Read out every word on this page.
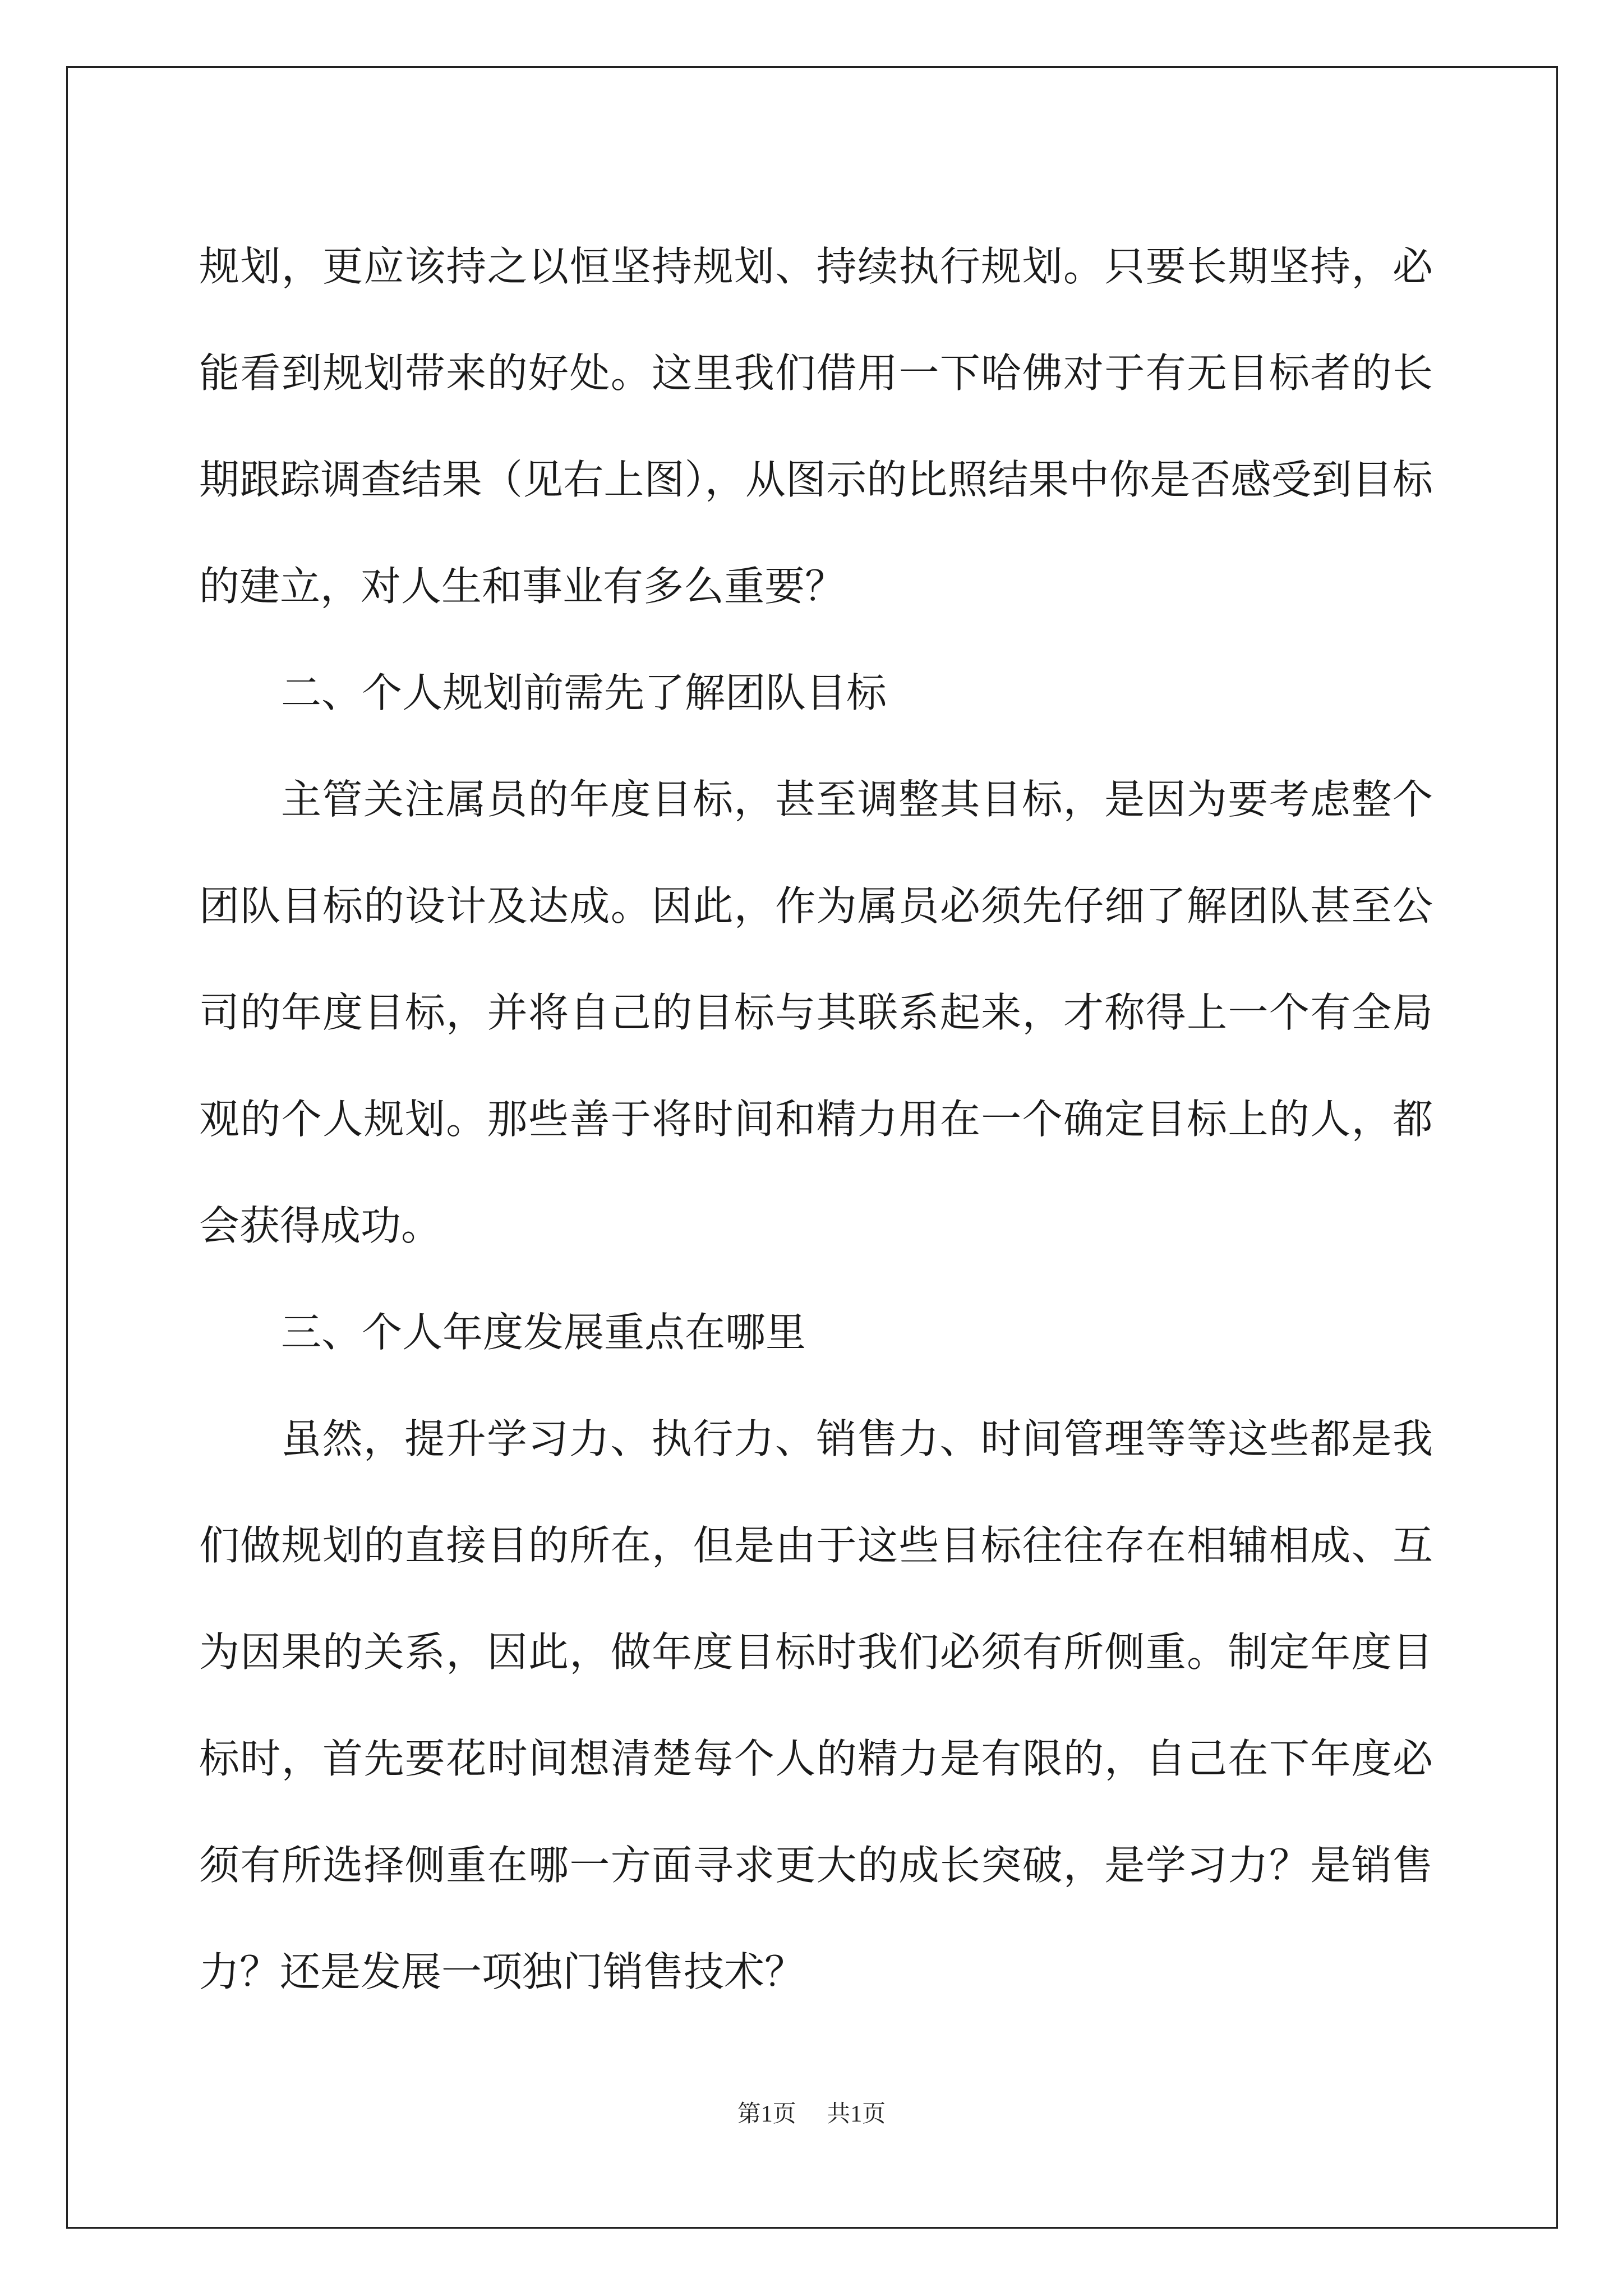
规划，更应该持之以恒坚持规划、持续执行规划。只要长期坚持，必能看到规划带来的好处。这里我们借用一下哈佛对于有无目标者的长期跟踪调查结果（见右上图），从图示的比照结果中你是否感受到目标的建立，对人生和事业有多么重要？

二、个人规划前需先了解团队目标

主管关注属员的年度目标，甚至调整其目标，是因为要考虑整个团队目标的设计及达成。因此，作为属员必须先仔细了解团队甚至公司的年度目标，并将自己的目标与其联系起来，才称得上一个有全局观的个人规划。那些善于将时间和精力用在一个确定目标上的人，都会获得成功。

三、个人年度发展重点在哪里

虽然，提升学习力、执行力、销售力、时间管理等等这些都是我们做规划的直接目的所在，但是由于这些目标往往存在相辅相成、互为因果的关系，因此，做年度目标时我们必须有所侧重。制定年度目标时，首先要花时间想清楚每个人的精力是有限的，自己在下年度必须有所选择侧重在哪一方面寻求更大的成长突破，是学习力？是销售力？还是发展一项独门销售技术？

第1页 共1页
